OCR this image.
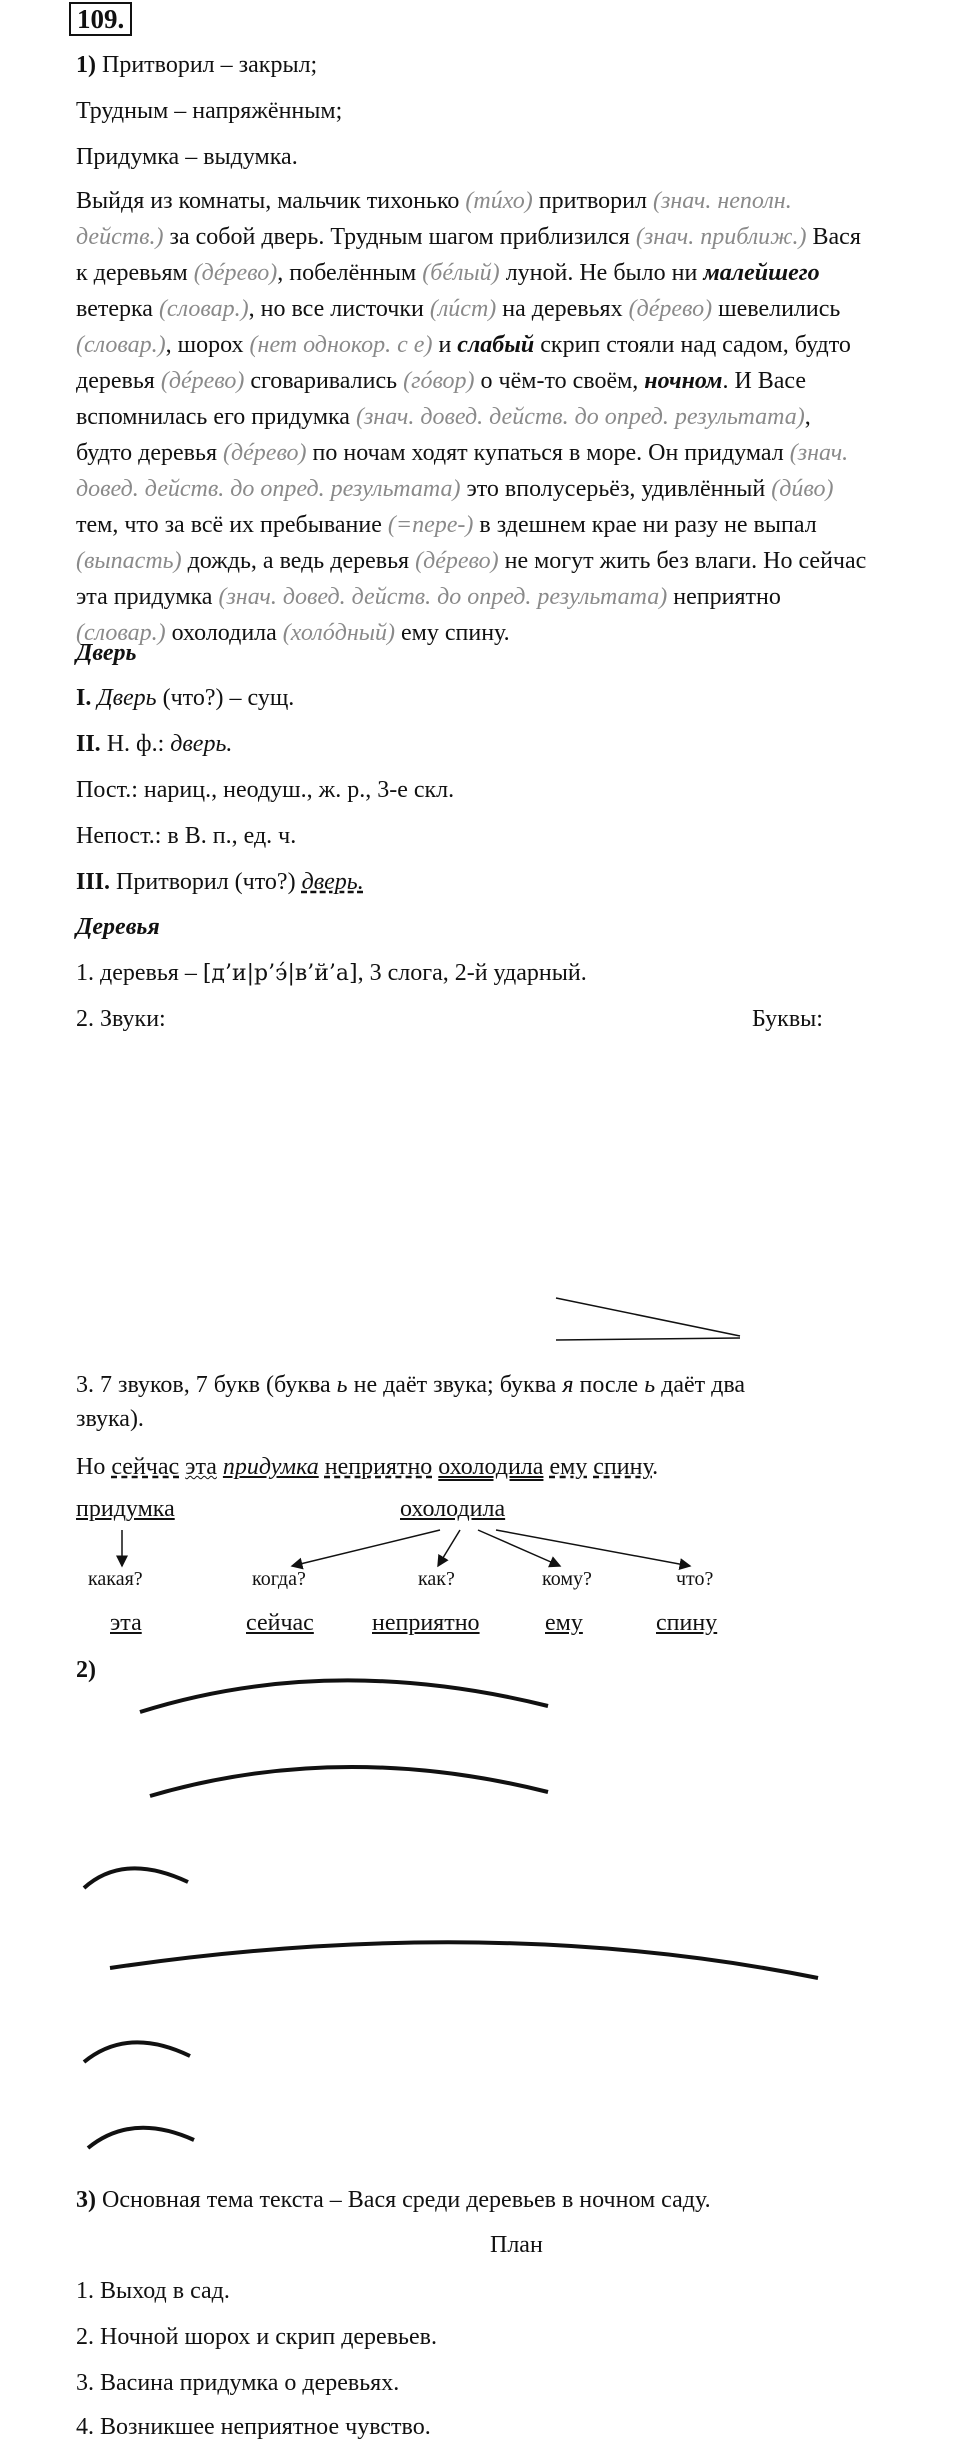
109.
1) Притворил – закрыл;
Трудным – напряжённым;
Придумка – выдумка.
Выйдя из комнаты, мальчик тихонько (тúхо) притворил (знач. неполн.
действ.) за собой дверь. Трудным шагом приблизился (знач. приближ.) Вася
к деревьям (дéрево), побелённым (бéлый) луной. Не было ни малейшего
ветерка (словар.), но все листочки (лúст) на деревьях (дéрево) шевелились
(словар.), шорох (нет однокор. с е) и слабый скрип стояли над садом, будто
деревья (дéрево) сговаривались (гóвор) о чём-то своём, ночном. И Васе
вспомнилась его придумка (знач. довед. действ. до опред. результата),
будто деревья (дéрево) по ночам ходят купаться в море. Он придумал (знач.
довед. действ. до опред. результата) это вполусерьёз, удивлённый (дúво)
тем, что за всё их пребывание (=пере-) в здешнем крае ни разу не выпал
(выпасть) дождь, а ведь деревья (дéрево) не могут жить без влаги. Но сейчас
эта придумка (знач. довед. действ. до опред. результата) неприятно
(словар.) охолодила (холóдный) ему спину.
Дверь
I. Дверь (что?) – сущ.
II. Н. ф.: дверь.
Пост.: нариц., неодуш., ж. р., 3-е скл.
Непост.: в В. п., ед. ч.
III. Притворил (что?) дверь.
Деревья
1. деревья – [д’и|р’э́|в’й’а], 3 слога, 2-й ударный.
2. Звуки:	Буквы:
3. 7 звуков, 7 букв (буква ь не даёт звука; буква я после ь даёт два
звука).
Но сейчас эта придумка неприятно охолодила ему спину.
придумка
какая?
эта
охолодила
когда?	как?	кому?	что?
сейчас неприятно	ему	спину
2)
3) Основная тема текста – Вася среди деревьев в ночном саду.
План
1. Выход в сад.
2. Ночной шорох и скрип деревьев.
3. Васина придумка о деревьях.
4. Возникшее неприятное чувство.
